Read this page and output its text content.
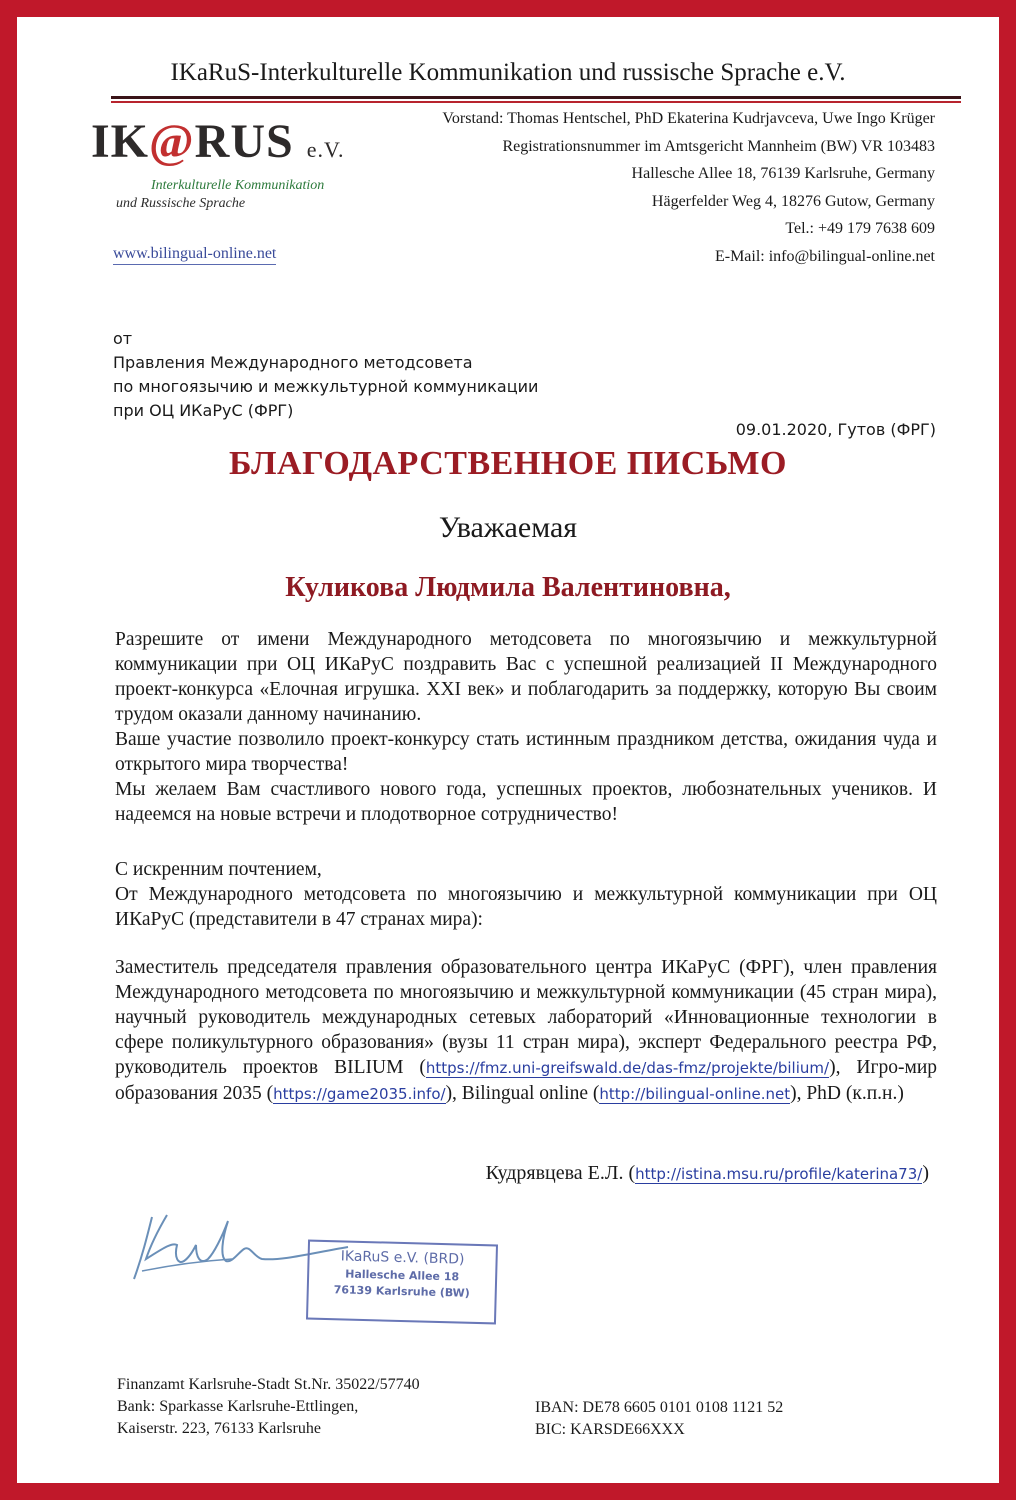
IKaRuS-Interkulturelle Kommunikation und russische Sprache e.V.
IK@RUS e.V.
Interkulturelle Kommunikation
und Russische Sprache
www.bilingual-online.net
Vorstand: Thomas Hentschel, PhD Ekaterina Kudrjavceva, Uwe Ingo Krüger
Registrationsnummer im Amtsgericht Mannheim (BW) VR 103483
Hallesche Allee 18, 76139 Karlsruhe, Germany
Hägerfelder Weg 4, 18276 Gutow, Germany
Tel.: +49 179 7638 609
E-Mail: info@bilingual-online.net
от
Правления Международного методсовета
по многоязычию и межкультурной коммуникации
при ОЦ ИКаРуС (ФРГ)
09.01.2020, Гутов (ФРГ)
БЛАГОДАРСТВЕННОЕ ПИСЬМО
Уважаемая
Куликова Людмила Валентиновна,

Разрешите от имени Международного методсовета по многоязычию и межкультурной коммуникации при ОЦ ИКаРуС поздравить Вас с успешной реализацией II Международного проект-конкурса «Елочная игрушка. XXI век» и поблагодарить за поддержку, которую Вы своим трудом оказали данному начинанию.

Ваше участие позволило проект-конкурсу стать истинным праздником детства, ожидания чуда и открытого мира творчества!

Мы желаем Вам счастливого нового года, успешных проектов, любознательных учеников. И надеемся на новые встречи и плодотворное сотрудничество!

С искренним почтением,

От Международного методсовета по многоязычию и межкультурной коммуникации при ОЦ ИКаРуС (представители в 47 странах мира):

Заместитель председателя правления образовательного центра ИКаРуС (ФРГ), член правления Международного методсовета по многоязычию и межкультурной коммуникации (45 стран мира), научный руководитель международных сетевых лабораторий «Инновационные технологии в сфере поликультурного образования» (вузы 11 стран мира), эксперт Федерального реестра РФ, руководитель проектов BILIUM (https://fmz.uni-greifswald.de/das-fmz/projekte/bilium/), Игро-мир образования 2035 (https://game2035.info/), Bilingual online (http://bilingual-online.net), PhD (к.п.н.)

Кудрявцева Е.Л. (http://istina.msu.ru/profile/katerina73/)
IKaRuS e.V. (BRD)
Hallesche Allee 18
76139 Karlsruhe (BW)
Finanzamt Karlsruhe-Stadt St.Nr. 35022/57740
Bank: Sparkasse Karlsruhe-Ettlingen,
Kaiserstr. 223, 76133 Karlsruhe
IBAN: DE78 6605 0101 0108 1121 52
BIC: KARSDE66XXX
